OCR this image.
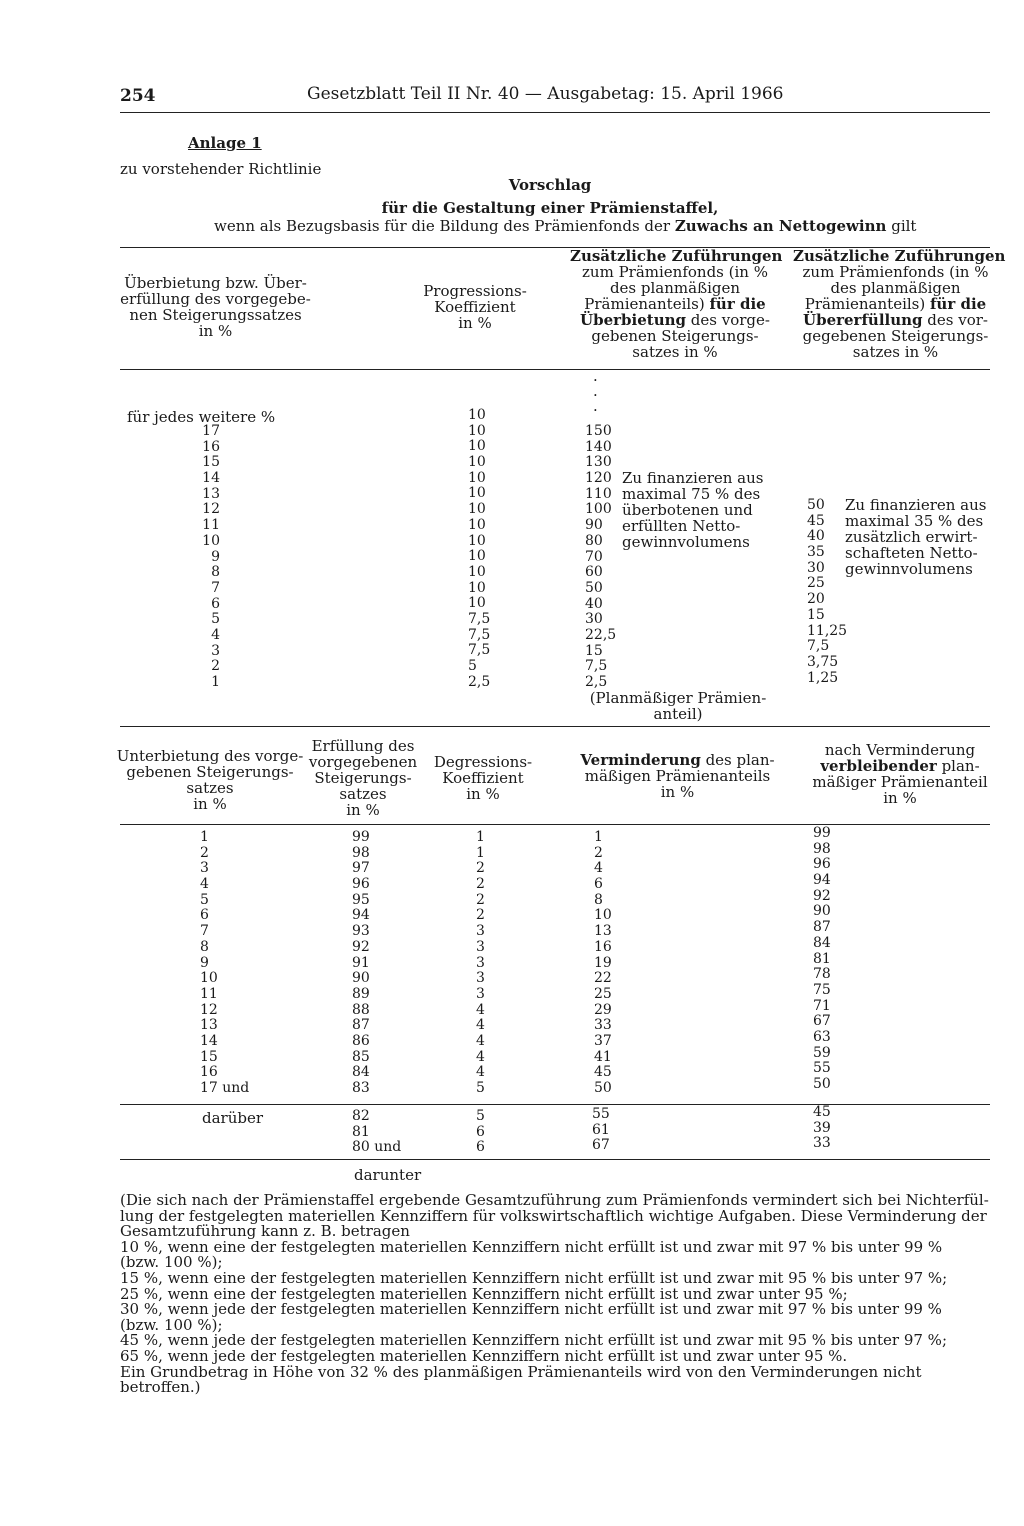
254	Gesetzblatt Teil II Nr. 40 — Ausgabetag: 15. April 1966
Anlage 1
zu vorstehender Richtlinie
Vorschlag
für die Gestaltung einer Prämienstaffel,
wenn als Bezugsbasis für die Bildung des Prämienfonds der Zuwachs an Nettogewinn gilt
Überbietung bzw. Über-
erfüllung des vorgegebe-
nen Steigerungssatzes
in %
Progressions-
Koeffizient
in %
Zusätzliche Zuführungen
zum Prämienfonds (in %
des planmäßigen
Prämienanteils) für die
Überbietung des vorge-
gebenen Steigerungs-
satzes in %
Zusätzliche Zuführungen
zum Prämienfonds (in %
des planmäßigen
Prämienanteils) für die
Übererfüllung des vor-
gegebenen Steigerungs-
satzes in %
·
·
·
für jedes weitere %
17
16
15
14
13
12
11
10
9
8
7
6
5
4
3
2
1
10
10
10
10
10
10
10
10
10
10
10
10
10
7,5
7,5
7,5
5
2,5
150
140
130
120
110
100
90
80
70
60
50
40
30
22,5
15
7,5
2,5
Zu finanzieren aus
maximal 75 % des
überbotenen und
erfüllten Netto-
gewinnvolumens
(Planmäßiger Prämien-
anteil)
50
45
40
35
30
25
20
15
11,25
7,5
3,75
1,25
Zu finanzieren aus
maximal 35 % des
zusätzlich erwirt-
schafteten Netto-
gewinnvolumens
Unterbietung des vorge-
gebenen Steigerungs-
satzes
in %
Erfüllung des
vorgegebenen
Steigerungs-
satzes
in %
Degressions-
Koeffizient
in %
Verminderung des plan-
mäßigen Prämienanteils
in %
nach Verminderung
verbleibender plan-
mäßiger Prämienanteil
in %
1
2
3
4
5
6
7
8
9
10
11
12
13
14
15
16
17 und
99
98
97
96
95
94
93
92
91
90
89
88
87
86
85
84
83
1
1
2
2
2
2
3
3
3
3
3
4
4
4
4
4
5
1
2
4
6
8
10
13
16
19
22
25
29
33
37
41
45
50
99
98
96
94
92
90
87
84
81
78
75
71
67
63
59
55
50
darüber	82
81
80 und
5
6
6
55
61
67
45
39
33
darunter

(Die sich nach der Prämienstaffel ergebende Gesamtzuführung zum Prämienfonds vermindert sich bei Nichterfül-

lung der festgelegten materiellen Kennziffern für volkswirtschaftlich wichtige Aufgaben. Diese Verminderung der

Gesamtzuführung kann z. B. betragen

10 %, wenn eine der festgelegten materiellen Kennziffern nicht erfüllt ist und zwar mit 97 % bis unter 99 %

(bzw. 100 %);

15 %, wenn eine der festgelegten materiellen Kennziffern nicht erfüllt ist und zwar mit 95 % bis unter 97 %;

25 %, wenn eine der festgelegten materiellen Kennziffern nicht erfüllt ist und zwar unter 95 %;

30 %, wenn jede der festgelegten materiellen Kennziffern nicht erfüllt ist und zwar mit 97 % bis unter 99 %

(bzw. 100 %);

45 %, wenn jede der festgelegten materiellen Kennziffern nicht erfüllt ist und zwar mit 95 % bis unter 97 %;

65 %, wenn jede der festgelegten materiellen Kennziffern nicht erfüllt ist und zwar unter 95 %.

Ein Grundbetrag in Höhe von 32 % des planmäßigen Prämienanteils wird von den Verminderungen nicht

betroffen.)
